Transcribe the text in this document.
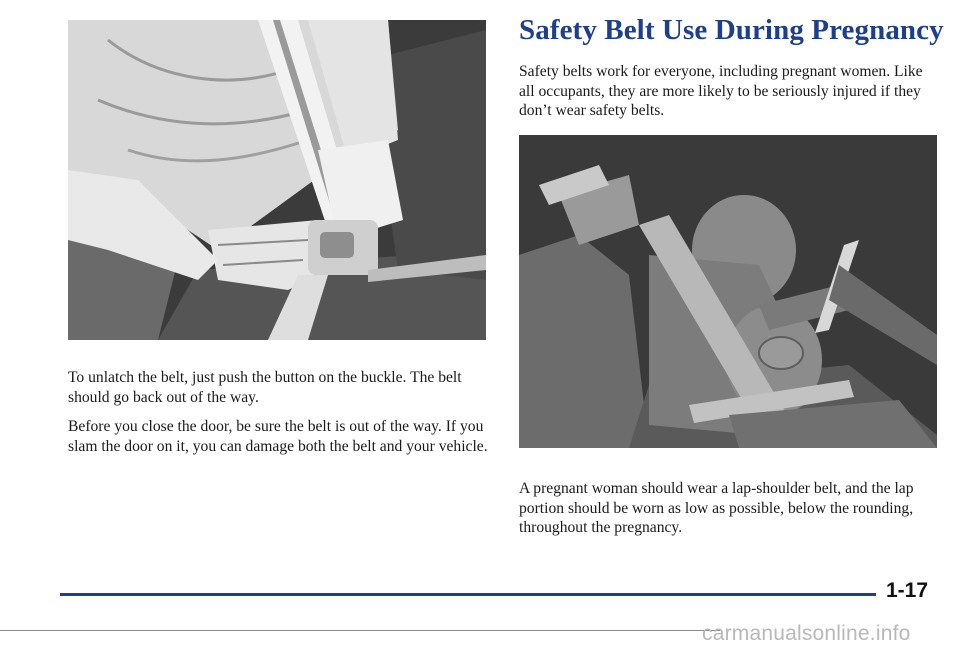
Safety Belt Use During Pregnancy

Safety belts work for everyone, including pregnant women. Like all occupants, they are more likely to be seriously injured if they don’t wear safety belts.

To unlatch the belt, just push the button on the buckle. The belt should go back out of the way.

Before you close the door, be sure the belt is out of the way. If you slam the door on it, you can damage both the belt and your vehicle.

A pregnant woman should wear a lap-shoulder belt, and the lap portion should be worn as low as possible, below the rounding, throughout the pregnancy.

1-17
carmanualsonline.info
